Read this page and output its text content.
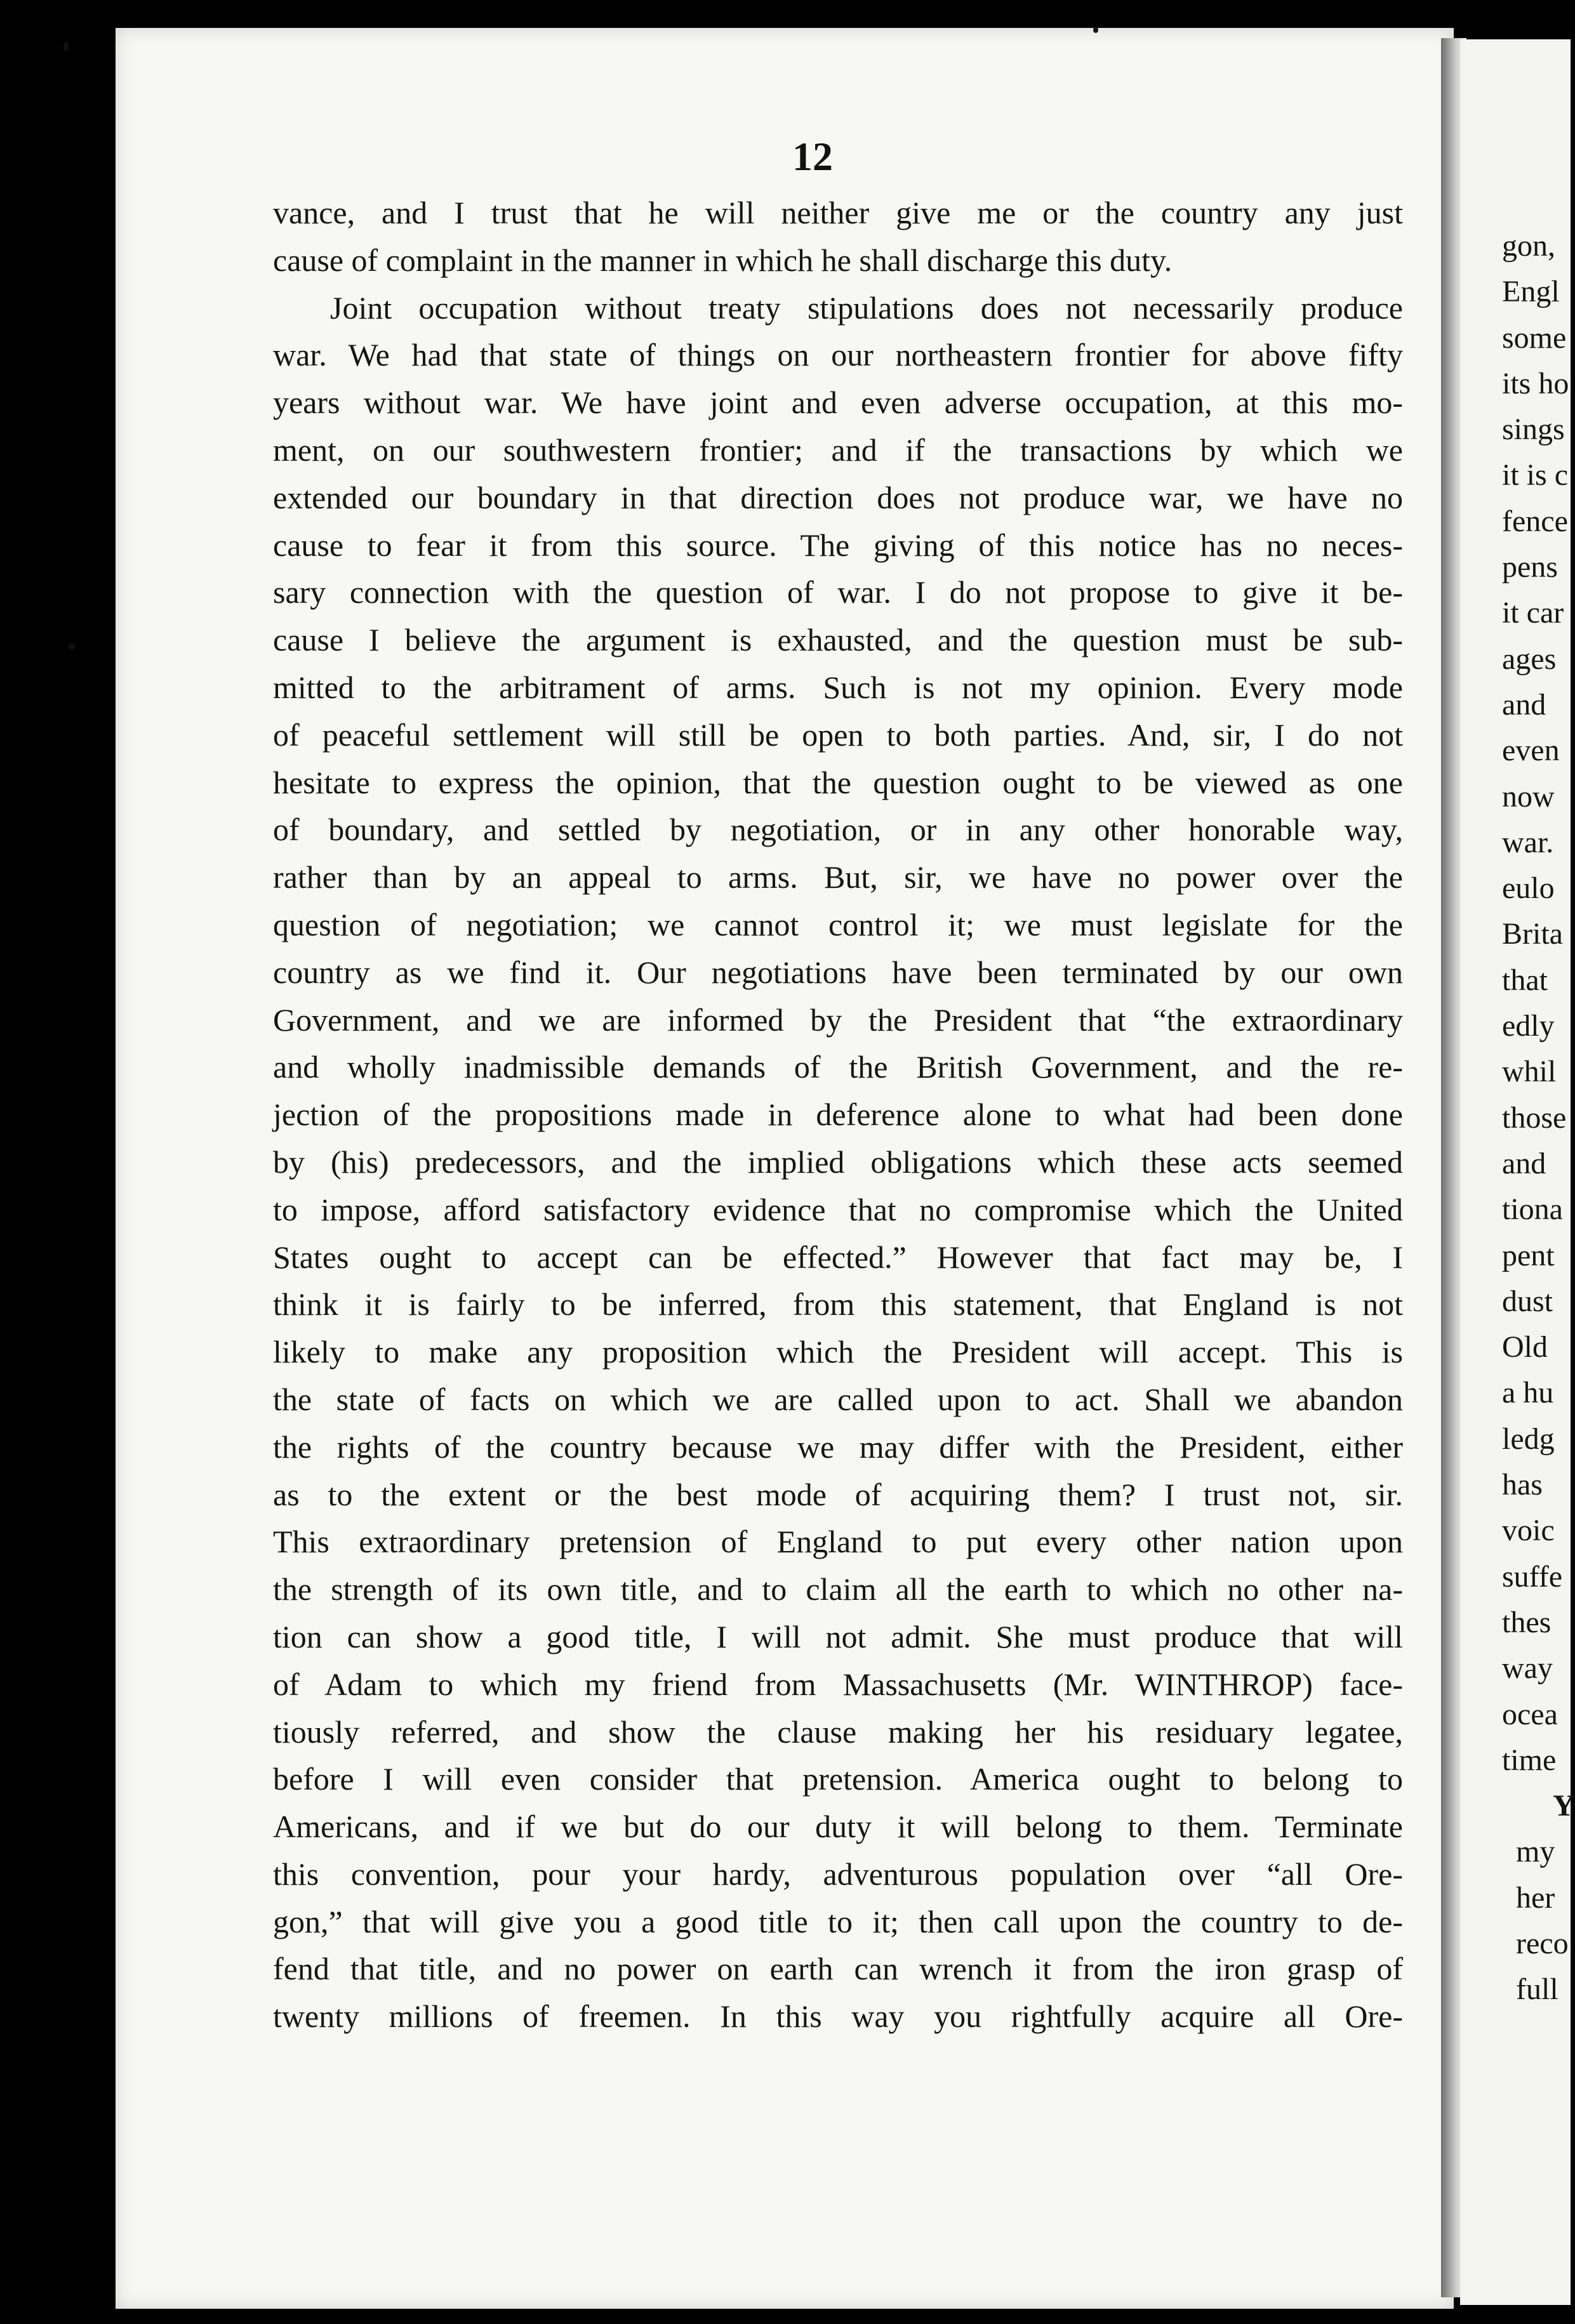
12
vance, and I trust that he will neither give me or the country any just
cause of complaint in the manner in which he shall discharge this duty.
Joint occupation without treaty stipulations does not necessarily produce
war. We had that state of things on our northeastern frontier for above fifty
years without war. We have joint and even adverse occupation, at this mo-
ment, on our southwestern frontier; and if the transactions by which we
extended our boundary in that direction does not produce war, we have no
cause to fear it from this source. The giving of this notice has no neces-
sary connection with the question of war. I do not propose to give it be-
cause I believe the argument is exhausted, and the question must be sub-
mitted to the arbitrament of arms. Such is not my opinion. Every mode
of peaceful settlement will still be open to both parties. And, sir, I do not
hesitate to express the opinion, that the question ought to be viewed as one
of boundary, and settled by negotiation, or in any other honorable way,
rather than by an appeal to arms. But, sir, we have no power over the
question of negotiation; we cannot control it; we must legislate for the
country as we find it. Our negotiations have been terminated by our own
Government, and we are informed by the President that “the extraordinary
and wholly inadmissible demands of the British Government, and the re-
jection of the propositions made in deference alone to what had been done
by (his) predecessors, and the implied obligations which these acts seemed
to impose, afford satisfactory evidence that no compromise which the United
States ought to accept can be effected.” However that fact may be, I
think it is fairly to be inferred, from this statement, that England is not
likely to make any proposition which the President will accept. This is
the state of facts on which we are called upon to act. Shall we abandon
the rights of the country because we may differ with the President, either
as to the extent or the best mode of acquiring them? I trust not, sir.
This extraordinary pretension of England to put every other nation upon
the strength of its own title, and to claim all the earth to which no other na-
tion can show a good title, I will not admit. She must produce that will
of Adam to which my friend from Massachusetts (Mr. WINTHROP) face-
tiously referred, and show the clause making her his residuary legatee,
before I will even consider that pretension. America ought to belong to
Americans, and if we but do our duty it will belong to them. Terminate
this convention, pour your hardy, adventurous population over “all Ore-
gon,” that will give you a good title to it; then call upon the country to de-
fend that title, and no power on earth can wrench it from the iron grasp of
twenty millions of freemen. In this way you rightfully acquire all Ore-
gon,
Engl
some
its ho
sings
it is c
fence
pens
it car
ages
and
even
now
war.
eulo
Brita
that
edly
whil
those
and
tiona
pent
dust
Old
a hu
ledg
has
voic
suffe
thes
way
ocea
time
Y
my
her
reco
full
